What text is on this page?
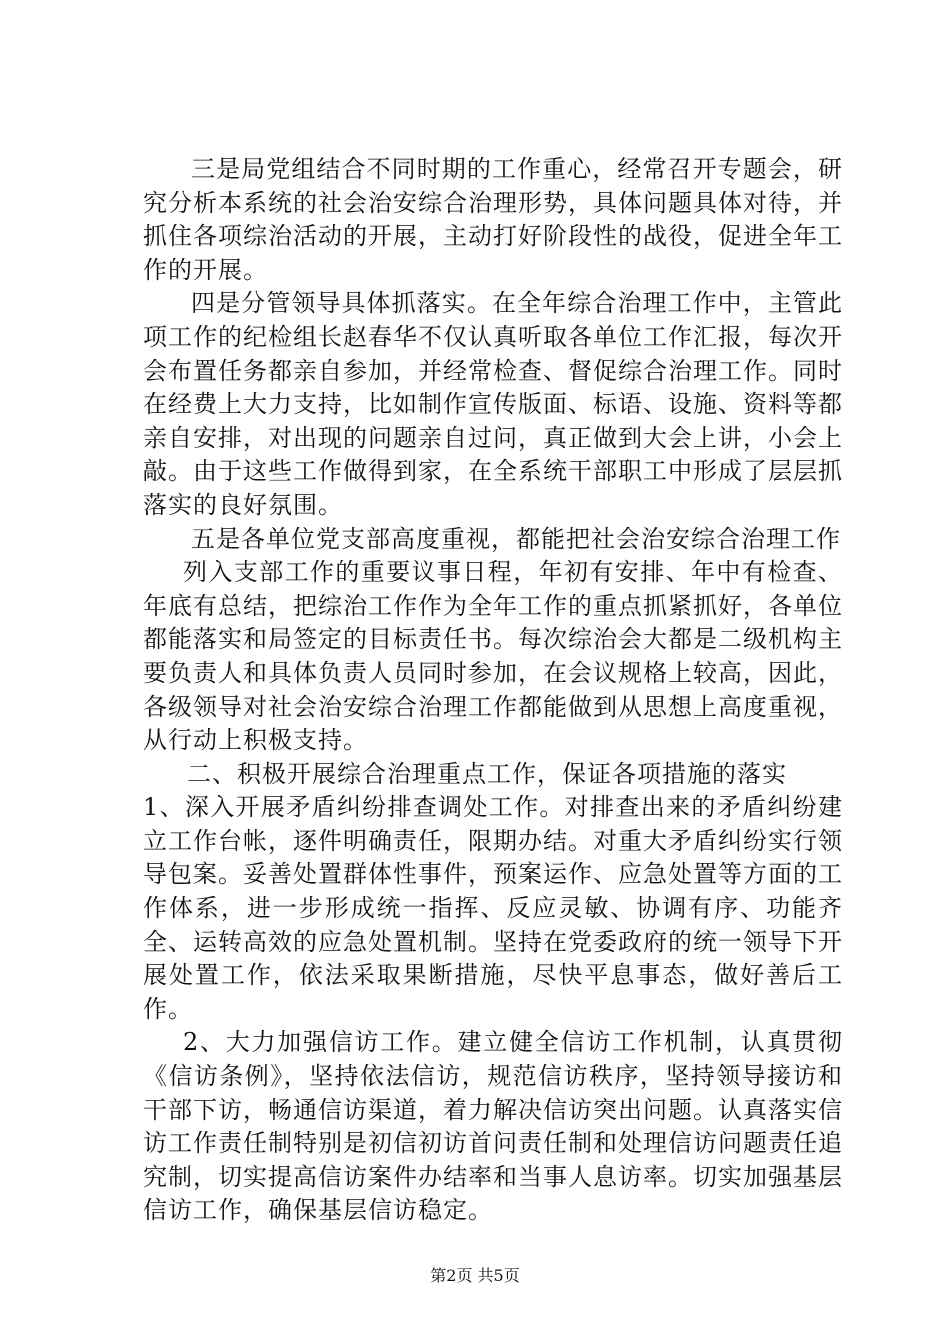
三是局党组结合不同时期的工作重心，经常召开专题会，研究分析本系统的社会治安综合治理形势，具体问题具体对待，并抓住各项综治活动的开展，主动打好阶段性的战役，促进全年工作的开展。

四是分管领导具体抓落实。在全年综合治理工作中，主管此项工作的纪检组长赵春华不仅认真听取各单位工作汇报，每次开会布置任务都亲自参加，并经常检查、督促综合治理工作。同时在经费上大力支持，比如制作宣传版面、标语、设施、资料等都亲自安排，对出现的问题亲自过问，真正做到大会上讲，小会上敲。由于这些工作做得到家，在全系统干部职工中形成了层层抓落实的良好氛围。

五是各单位党支部高度重视，都能把社会治安综合治理工作

列入支部工作的重要议事日程，年初有安排、年中有检查、年底有总结，把综治工作作为全年工作的重点抓紧抓好，各单位都能落实和局签定的目标责任书。每次综治会大都是二级机构主要负责人和具体负责人员同时参加，在会议规格上较高，因此，各级领导对社会治安综合治理工作都能做到从思想上高度重视，从行动上积极支持。

二、积极开展综合治理重点工作，保证各项措施的落实

1、深入开展矛盾纠纷排查调处工作。对排查出来的矛盾纠纷建立工作台帐，逐件明确责任，限期办结。对重大矛盾纠纷实行领导包案。妥善处置群体性事件，预案运作、应急处置等方面的工作体系，进一步形成统一指挥、反应灵敏、协调有序、功能齐全、运转高效的应急处置机制。坚持在党委政府的统一领导下开展处置工作，依法采取果断措施，尽快平息事态，做好善后工作。

2、大力加强信访工作。建立健全信访工作机制，认真贯彻《信访条例》，坚持依法信访，规范信访秩序，坚持领导接访和干部下访，畅通信访渠道，着力解决信访突出问题。认真落实信访工作责任制特别是初信初访首问责任制和处理信访问题责任追究制，切实提高信访案件办结率和当事人息访率。切实加强基层信访工作，确保基层信访稳定。

第2页 共5页
